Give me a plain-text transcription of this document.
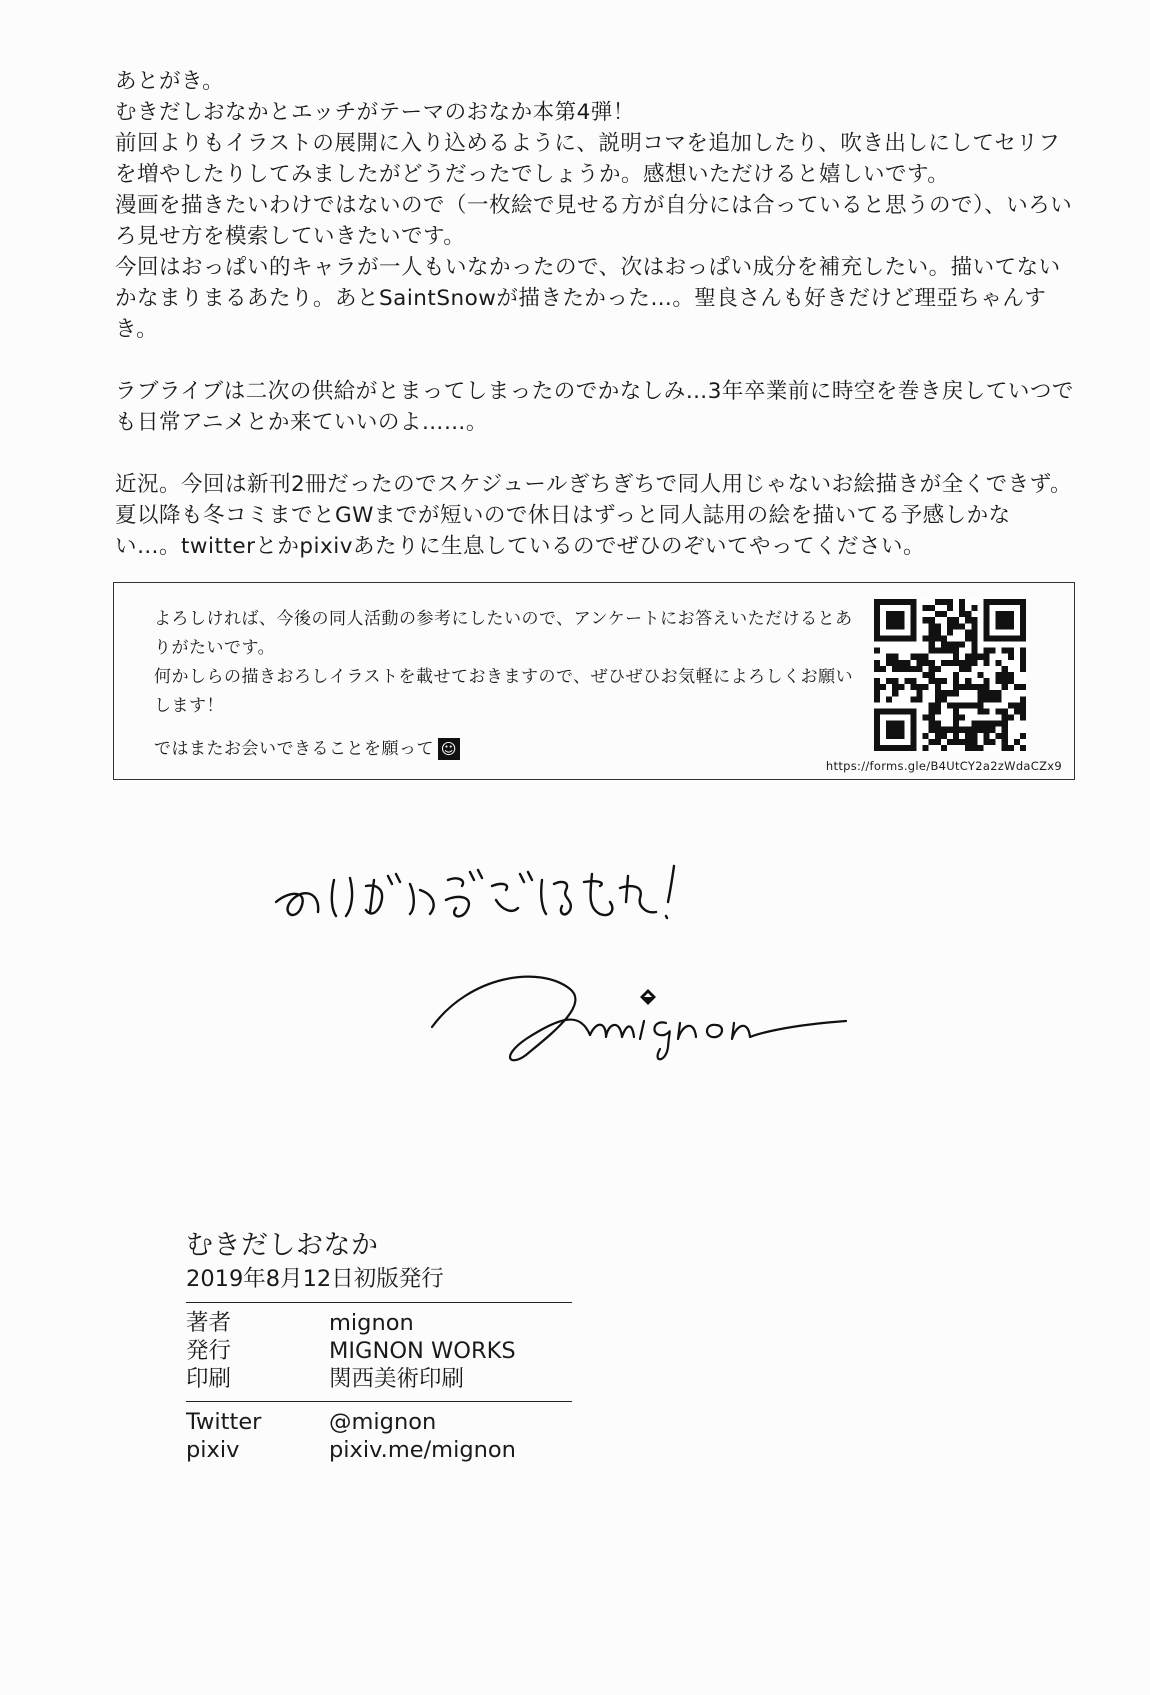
あとがき。

むきだしおなかとエッチがテーマのおなか本第4弾！

前回よりもイラストの展開に入り込めるように、説明コマを追加したり、吹き出しにしてセリフを増やしたりしてみましたがどうだったでしょうか。感想いただけると嬉しいです。

漫画を描きたいわけではないので（一枚絵で見せる方が自分には合っていると思うので）、いろいろ見せ方を模索していきたいです。

今回はおっぱい的キャラが一人もいなかったので、次はおっぱい成分を補充したい。描いてないかなまりまるあたり。あとSaintSnowが描きたかった…。聖良さんも好きだけど理亞ちゃんすき。

ラブライブは二次の供給がとまってしまったのでかなしみ…3年卒業前に時空を巻き戻していつでも日常アニメとか来ていいのよ……。

近況。今回は新刊2冊だったのでスケジュールぎちぎちで同人用じゃないお絵描きが全くできず。夏以降も冬コミまでとGWまでが短いので休日はずっと同人誌用の絵を描いてる予感しかない…。twitterとかpixivあたりに生息しているのでぜひのぞいてやってください。

よろしければ、今後の同人活動の参考にしたいので、アンケートにお答えいただけるとありがたいです。

何かしらの描きおろしイラストを載せておきますので、ぜひぜひお気軽によろしくお願いします！

ではまたお会いできることを願って ☺

https://forms.gle/B4UtCY2a2zWdaCZx9
むきだしおなか
2019年8月12日初版発行
著者	mignon
発行	MIGNON WORKS
印刷	関西美術印刷
Twitter	@mignon
pixiv	pixiv.me/mignon
